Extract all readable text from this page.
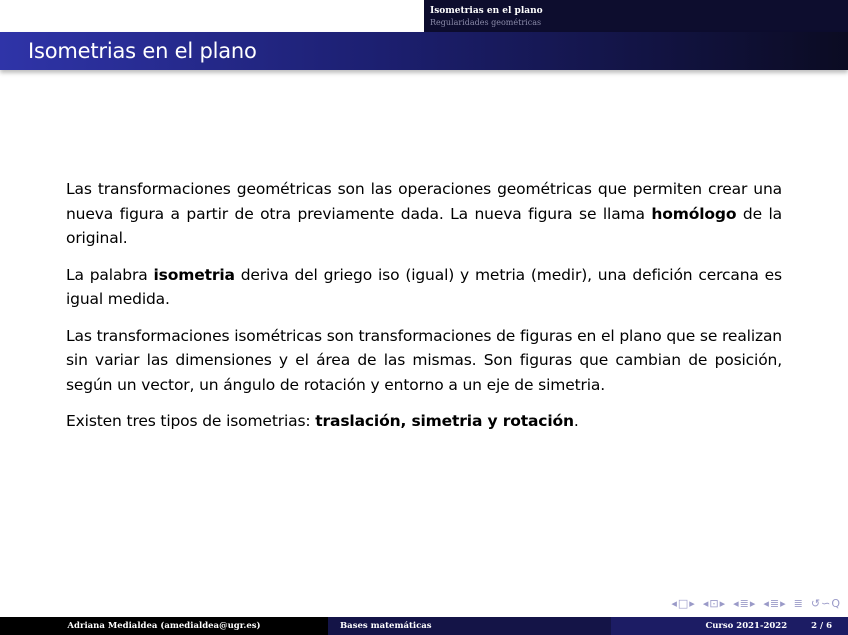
Isometrias en el plano
Regularidades geométricas
Isometrias en el plano

Las transformaciones geométricas son las operaciones geométricas que permiten crear una nueva figura a partir de otra previamente dada. La nueva figura se llama homólogo de la original.

La palabra isometria deriva del griego iso (igual) y metria (medir), una defición cercana es igual medida.

Las transformaciones isométricas son transformaciones de figuras en el plano que se realizan sin variar las dimensiones y el área de las mismas. Son figuras que cambian de posición, según un vector, un ángulo de rotación y entorno a un eje de simetria.

Existen tres tipos de isometrias: traslación, simetria y rotación.

◂ □ ▸ ◂ ⊡ ▸ ◂ ≣ ▸ ◂ ≣ ▸ ≣ ↺ ∽ Q
Adriana Medialdea (amedialdea@ugr.es)	Bases matemáticas	Curso 2021-2022	2 / 6
